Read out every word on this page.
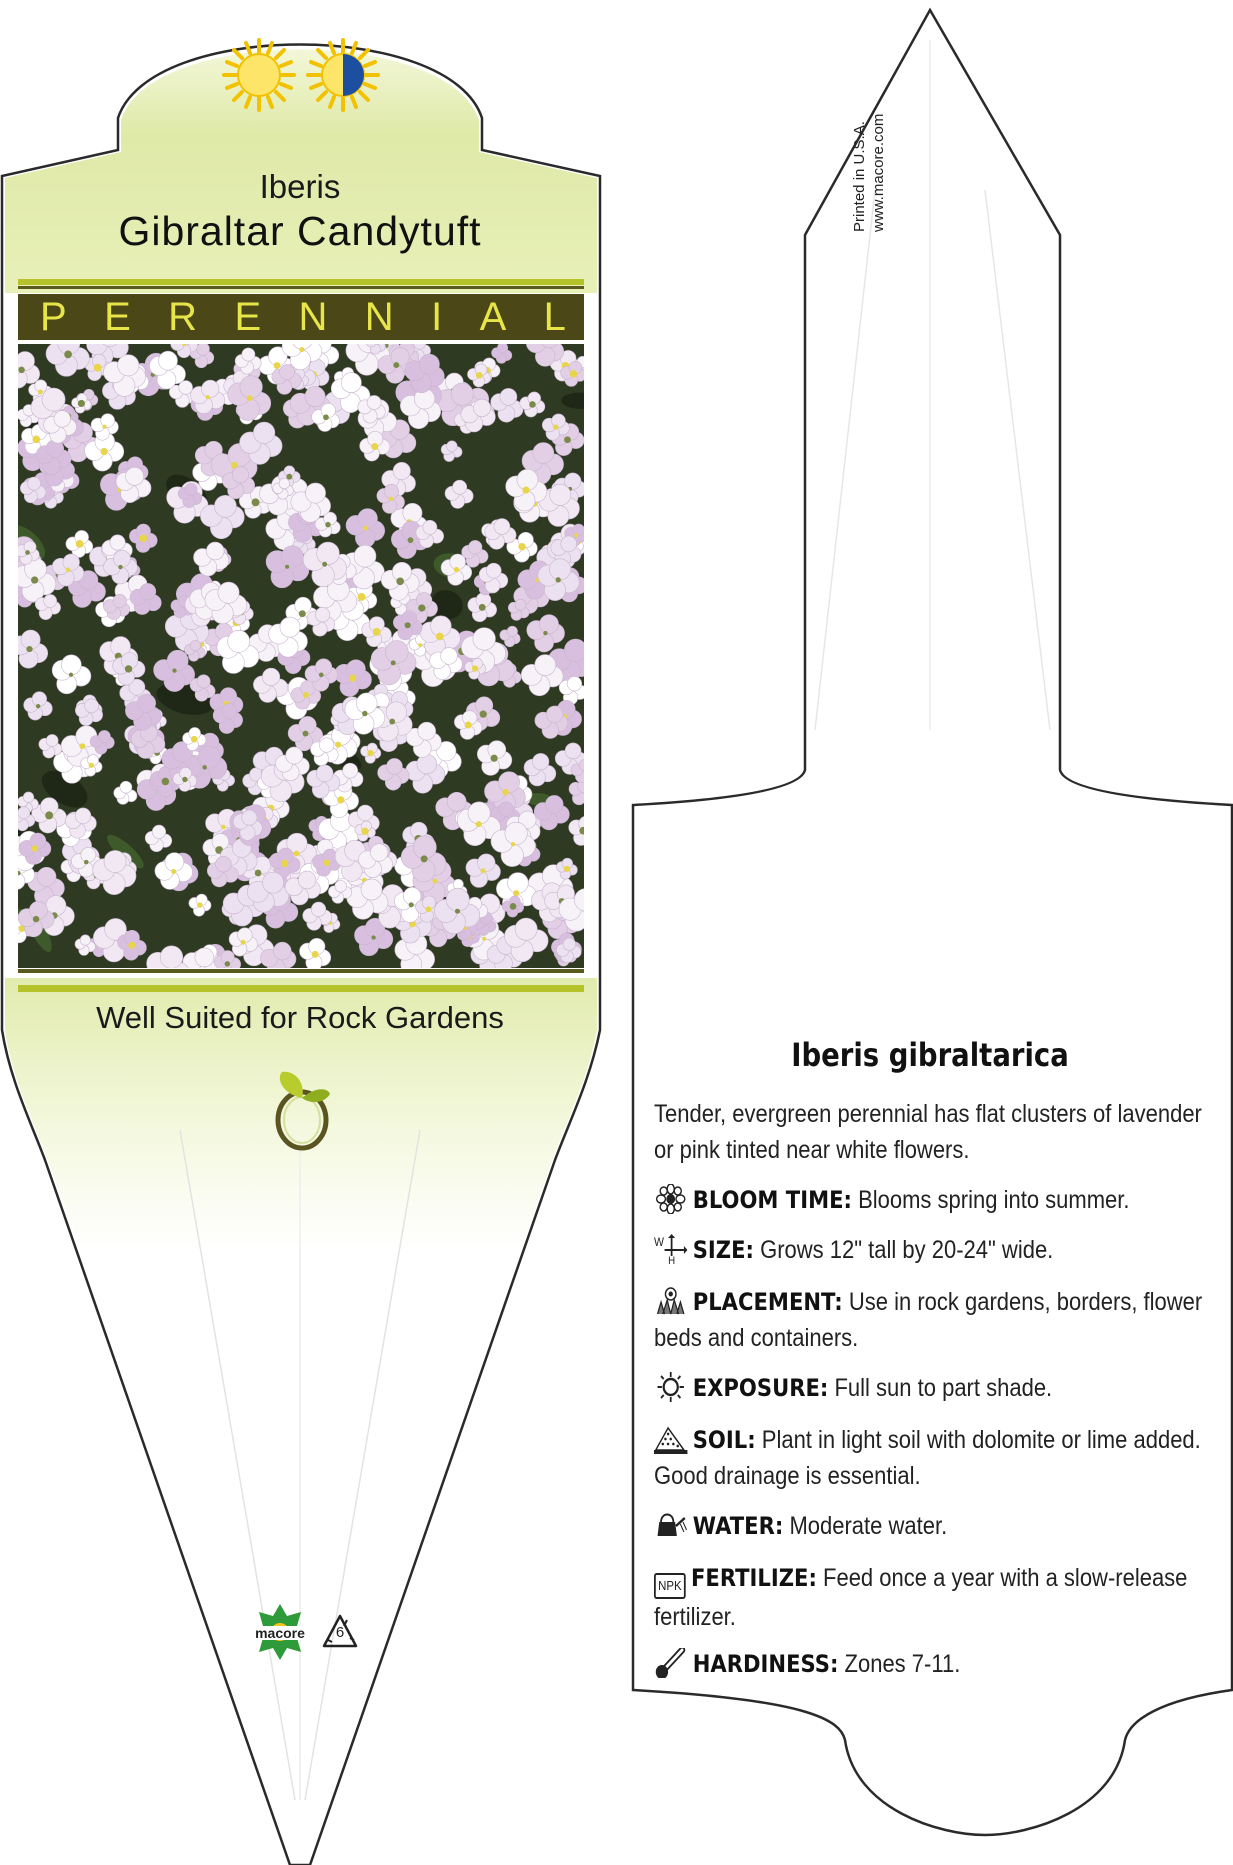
Iberis
Gibraltar Candytuft
P E R E N N I A L
Well Suited for Rock Gardens
macore	6
Printed in U.S.A. www.macore.com
Iberis gibraltarica
Tender, evergreen perennial has flat clusters of lavender or pink tinted near white flowers.
BLOOM TIME: Blooms spring into summer.
W
H SIZE: Grows 12" tall by 20-24" wide.
PLACEMENT: Use in rock gardens, borders, flower beds and containers.
EXPOSURE: Full sun to part shade.
SOIL: Plant in light soil with dolomite or lime added. Good drainage is essential.
WATER: Moderate water.
NPK FERTILIZE: Feed once a year with a slow-release fertilizer.
HARDINESS: Zones 7-11.
